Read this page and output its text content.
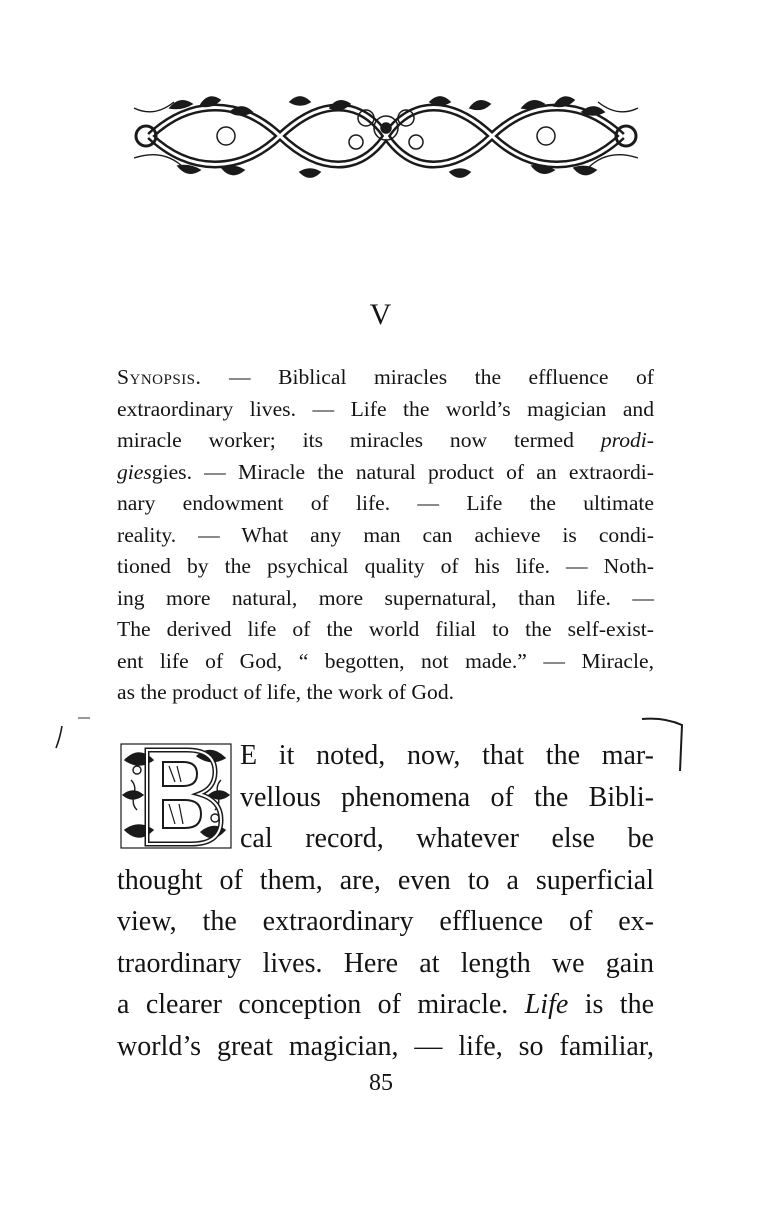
V
Synopsis. — Biblical miracles the effluence of
extraordinary lives. — Life the world’s magician and
miracle worker; its miracles now termed prodi-
giesgies. — Miracle the natural product of an extraordi-
nary endowment of life. — Life the ultimate
reality. — What any man can achieve is condi-
tioned by the psychical quality of his life. — Noth-
ing more natural, more supernatural, than life. —
The derived life of the world filial to the self-exist-
ent life of God, “ begotten, not made.” — Miracle,
as the product of life, the work of God.
E it noted, now, that the mar-
vellous phenomena of the Bibli-
cal record, whatever else be
thought of them, are, even to a superficial
view, the extraordinary effluence of ex-
traordinary lives. Here at length we gain
a clearer conception of miracle. Life is the
world’s great magician, — life, so familiar,
85
